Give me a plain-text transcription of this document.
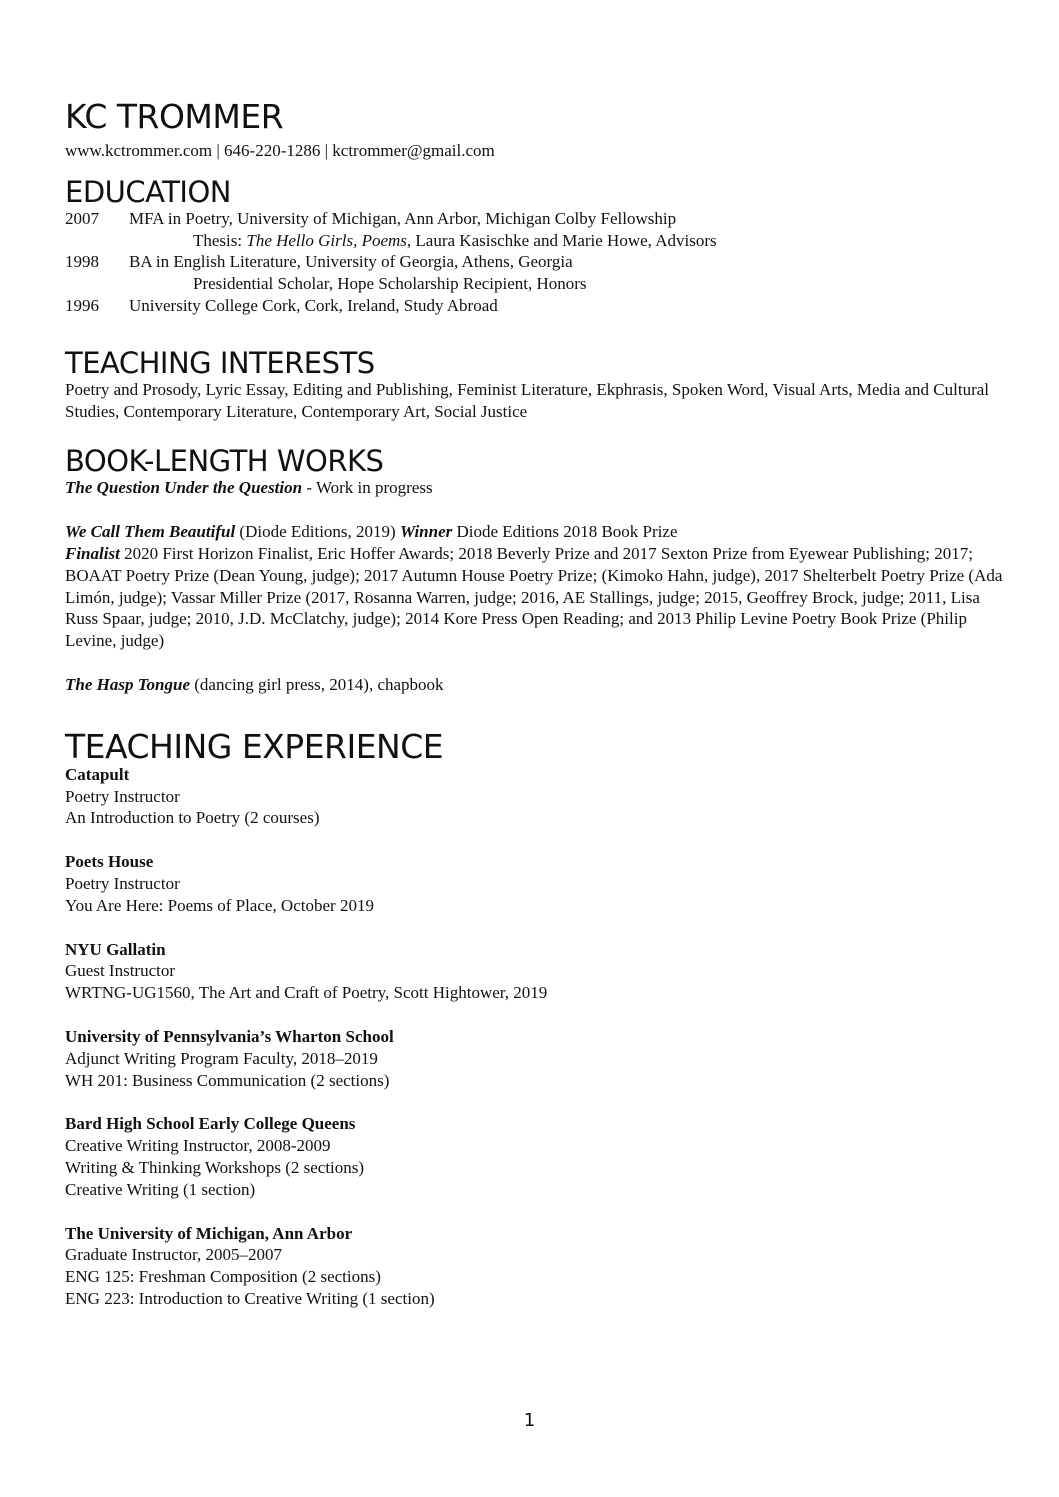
KC TROMMER
www.kctrommer.com | 646-220-1286 | kctrommer@gmail.com
EDUCATION
2007	MFA in Poetry, University of Michigan, Ann Arbor, Michigan Colby Fellowship
Thesis: The Hello Girls, Poems, Laura Kasischke and Marie Howe, Advisors
1998	BA in English Literature, University of Georgia, Athens, Georgia
Presidential Scholar, Hope Scholarship Recipient, Honors
1996	University College Cork, Cork, Ireland, Study Abroad
TEACHING INTERESTS

Poetry and Prosody, Lyric Essay, Editing and Publishing, Feminist Literature, Ekphrasis, Spoken Word, Visual Arts, Media and Cultural Studies, Contemporary Literature, Contemporary Art, Social Justice

BOOK-LENGTH WORKS

The Question Under the Question - Work in progress

We Call Them Beautiful (Diode Editions, 2019) Winner Diode Editions 2018 Book Prize
Finalist 2020 First Horizon Finalist, Eric Hoffer Awards; 2018 Beverly Prize and 2017 Sexton Prize from Eyewear Publishing; 2017; BOAAT Poetry Prize (Dean Young, judge); 2017 Autumn House Poetry Prize; (Kimoko Hahn, judge), 2017 Shelterbelt Poetry Prize (Ada Limón, judge); Vassar Miller Prize (2017, Rosanna Warren, judge; 2016, AE Stallings, judge; 2015, Geoffrey Brock, judge; 2011, Lisa Russ Spaar, judge; 2010, J.D. McClatchy, judge); 2014 Kore Press Open Reading; and 2013 Philip Levine Poetry Book Prize (Philip Levine, judge)

The Hasp Tongue (dancing girl press, 2014), chapbook

TEACHING EXPERIENCE
Catapult
Poetry Instructor
An Introduction to Poetry (2 courses)
Poets House
Poetry Instructor
You Are Here: Poems of Place, October 2019
NYU Gallatin
Guest Instructor
WRTNG-UG1560, The Art and Craft of Poetry, Scott Hightower, 2019
University of Pennsylvania’s Wharton School
Adjunct Writing Program Faculty, 2018–2019
WH 201: Business Communication (2 sections)
Bard High School Early College Queens
Creative Writing Instructor, 2008-2009
Writing & Thinking Workshops (2 sections)
Creative Writing (1 section)
The University of Michigan, Ann Arbor
Graduate Instructor, 2005–2007
ENG 125: Freshman Composition (2 sections)
ENG 223: Introduction to Creative Writing (1 section)
1
